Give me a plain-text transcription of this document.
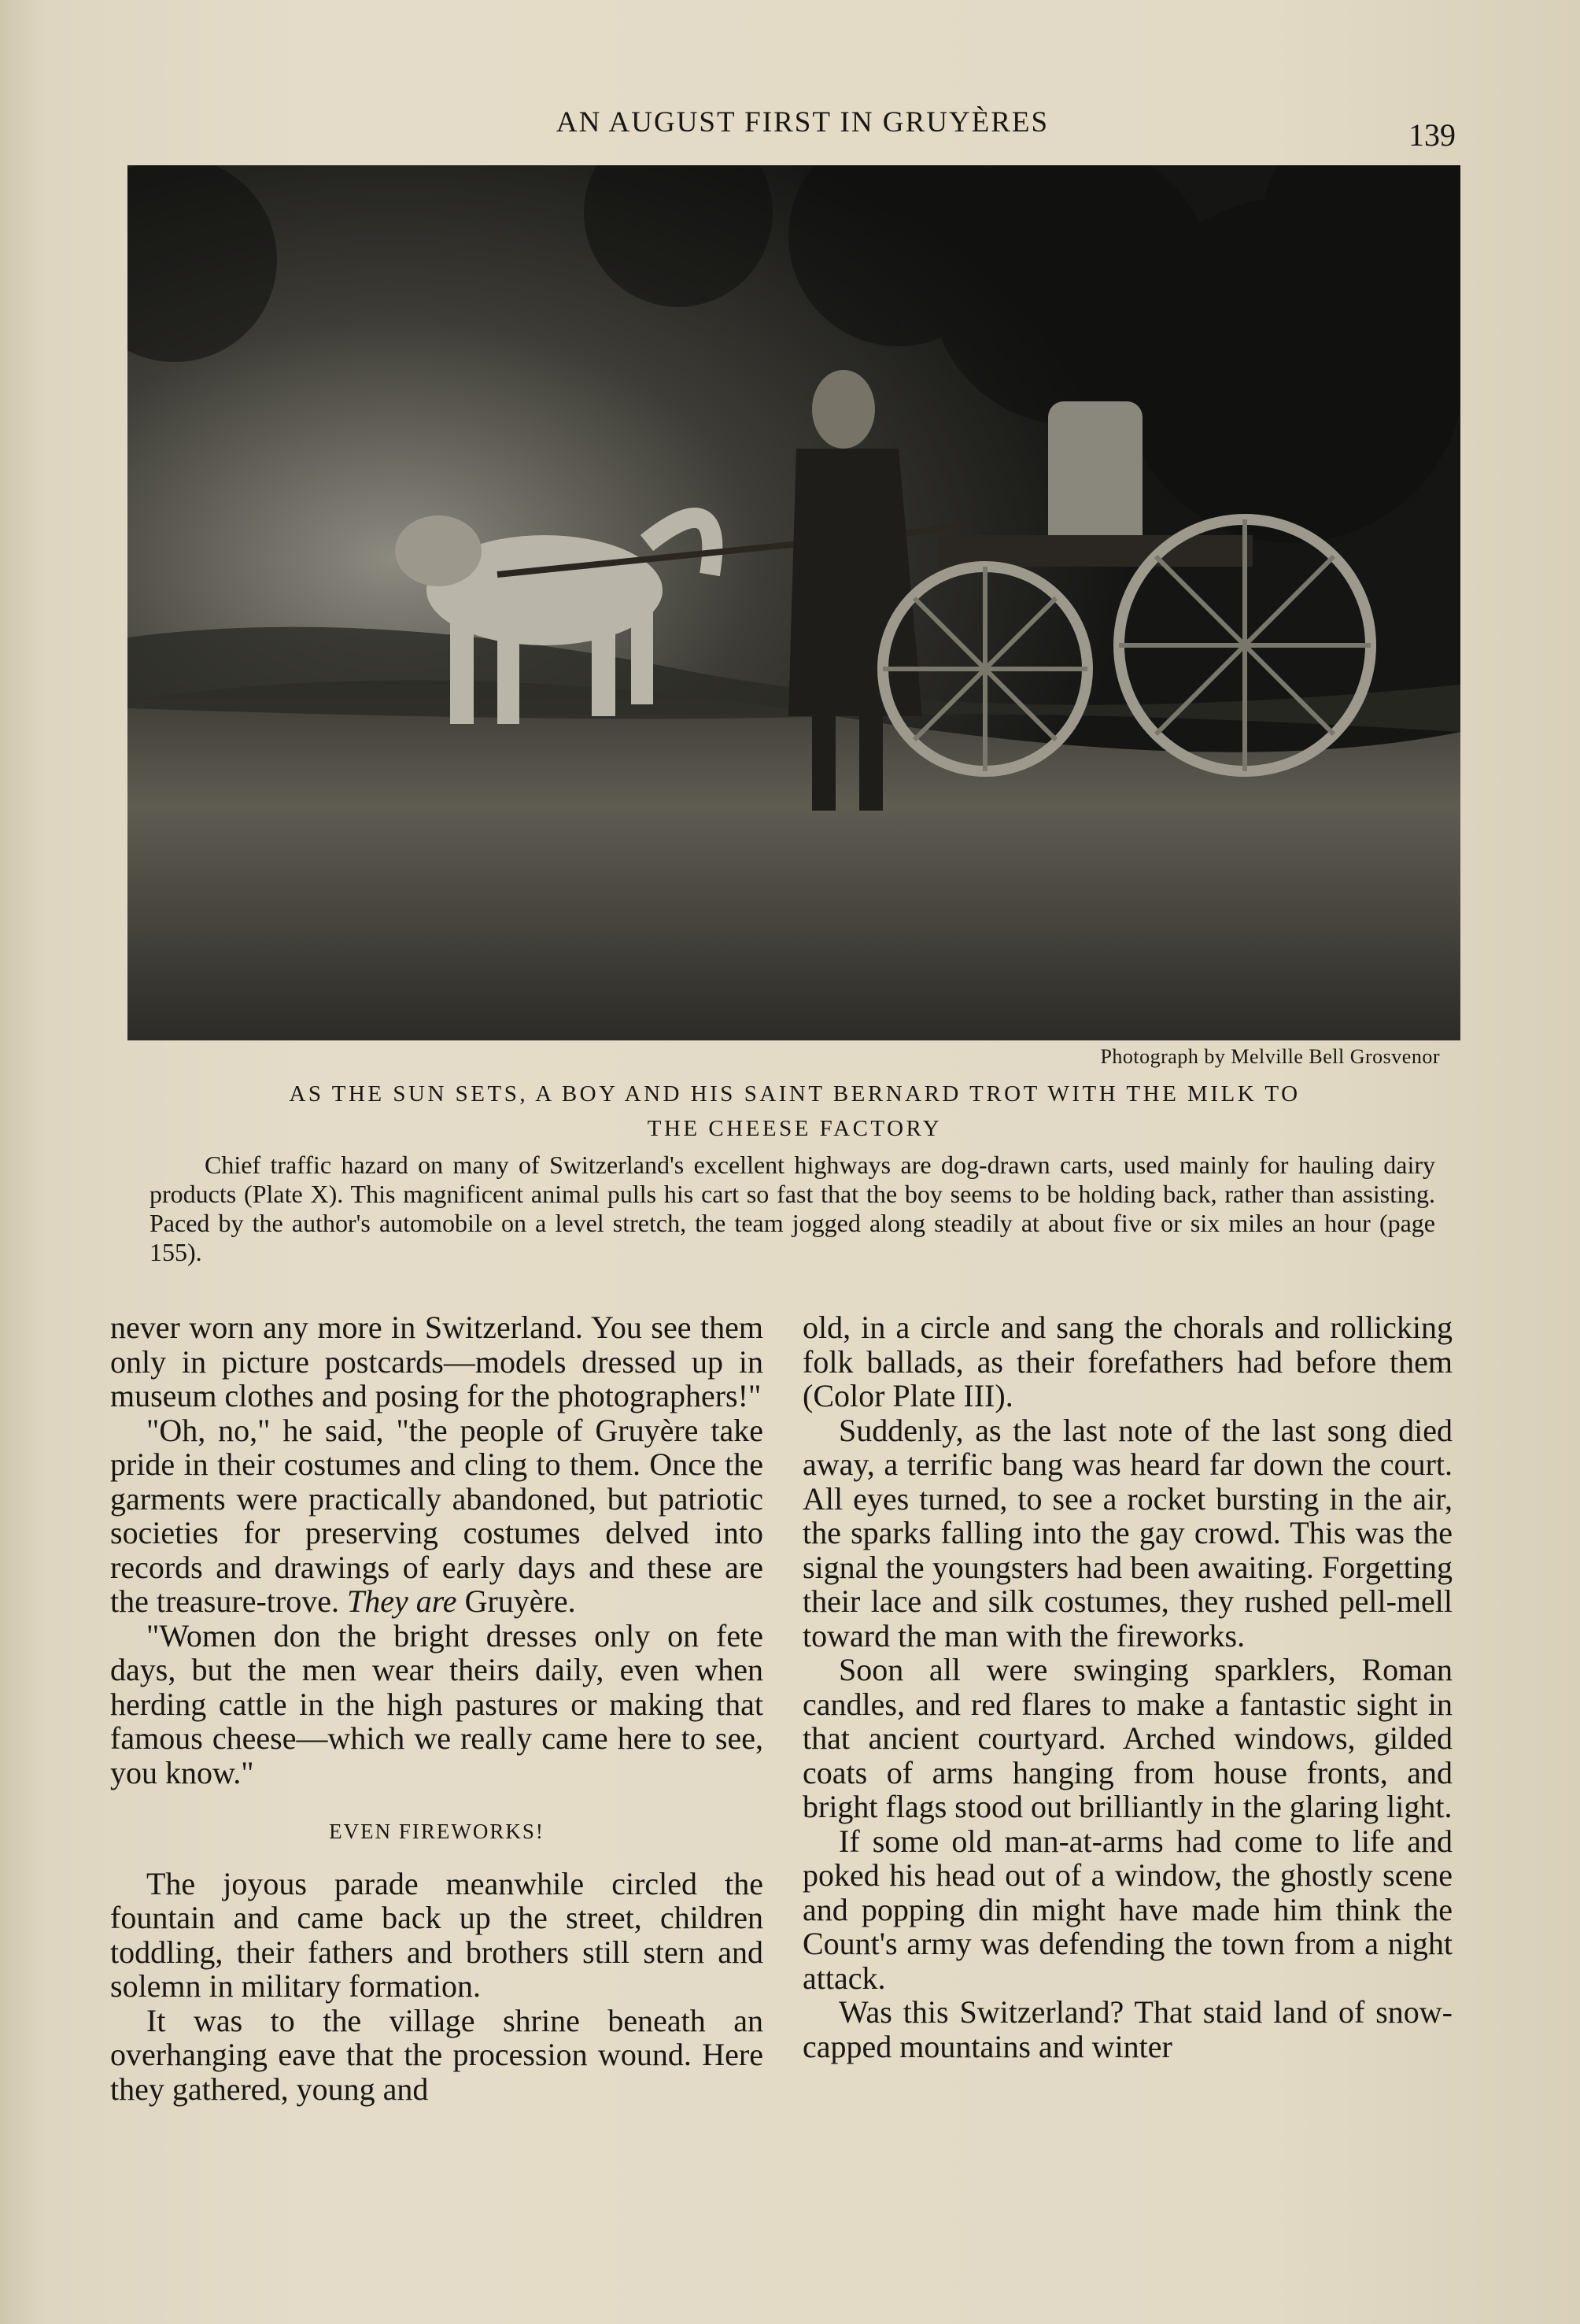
AN AUGUST FIRST IN GRUYÈRES	139
Photograph by Melville Bell Grosvenor
AS THE SUN SETS, A BOY AND HIS SAINT BERNARD TROT WITH THE MILK TO
THE CHEESE FACTORY

Chief traffic hazard on many of Switzerland's excellent highways are dog-drawn carts, used mainly for hauling dairy products (Plate X). This magnificent animal pulls his cart so fast that the boy seems to be holding back, rather than assisting. Paced by the author's automobile on a level stretch, the team jogged along steadily at about five or six miles an hour (page 155).

never worn any more in Switzerland. You see them only in picture postcards—models dressed up in museum clothes and posing for the photographers!"

"Oh, no," he said, "the people of Gruyère take pride in their costumes and cling to them. Once the garments were practically abandoned, but patriotic societies for preserving costumes delved into records and drawings of early days and these are the treasure-trove. They are Gruyère.

"Women don the bright dresses only on fete days, but the men wear theirs daily, even when herding cattle in the high pastures or making that famous cheese—which we really came here to see, you know."

EVEN FIREWORKS!

The joyous parade meanwhile circled the fountain and came back up the street, children toddling, their fathers and brothers still stern and solemn in military formation.

It was to the village shrine beneath an overhanging eave that the procession wound. Here they gathered, young and

old, in a circle and sang the chorals and rollicking folk ballads, as their forefathers had before them (Color Plate III).

Suddenly, as the last note of the last song died away, a terrific bang was heard far down the court. All eyes turned, to see a rocket bursting in the air, the sparks falling into the gay crowd. This was the signal the youngsters had been awaiting. Forgetting their lace and silk costumes, they rushed pell-mell toward the man with the fireworks.

Soon all were swinging sparklers, Roman candles, and red flares to make a fantastic sight in that ancient courtyard. Arched windows, gilded coats of arms hanging from house fronts, and bright flags stood out brilliantly in the glaring light.

If some old man-at-arms had come to life and poked his head out of a window, the ghostly scene and popping din might have made him think the Count's army was defending the town from a night attack.

Was this Switzerland? That staid land of snow-capped mountains and winter
